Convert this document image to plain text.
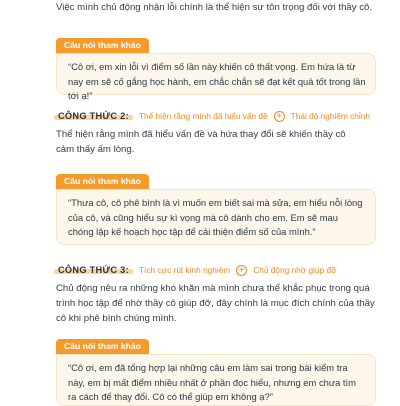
Việc mình chủ động nhận lỗi chính là thể hiện sự tôn trọng đối với thầy cô.
Câu nói tham khảo
“Cô ơi, em xin lỗi vì điểm số lần này khiến cô thất vọng. Em hứa là từ nay em sẽ cố gắng học hành, em chắc chắn sẽ đạt kết quả tốt trong lần tới ạ!”
CÔNG THỨC 2: Thể hiện rằng mình đã hiểu vấn đề +	Thái độ nghiêm chỉnh
Thể hiện rằng mình đã hiểu vấn đề và hứa thay đổi sẽ khiến thầy cô cảm thấy ấm lòng.
Câu nói tham khảo
“Thưa cô, cô phê bình là vì muốn em biết sai mà sửa, em hiểu nỗi lòng của cô, và cũng hiểu sự kì vọng mà cô dành cho em. Em sẽ mau chóng lập kế hoạch học tập để cải thiện điểm số của mình.”
CÔNG THỨC 3: Tích cực rút kinh nghiệm +	Chủ động nhờ giúp đỡ
Chủ động nêu ra những khó khăn mà mình chưa thể khắc phục trong quá trình học tập để nhờ thầy cô giúp đỡ, đây chính là mục đích chính của thầy cô khi phê bình chúng mình.
Câu nói tham khảo
“Cô ơi, em đã tổng hợp lại những câu em làm sai trong bài kiểm tra này, em bị mất điểm nhiều nhất ở phần đọc hiểu, nhưng em chưa tìm ra cách để thay đổi. Cô có thể giúp em không ạ?”
